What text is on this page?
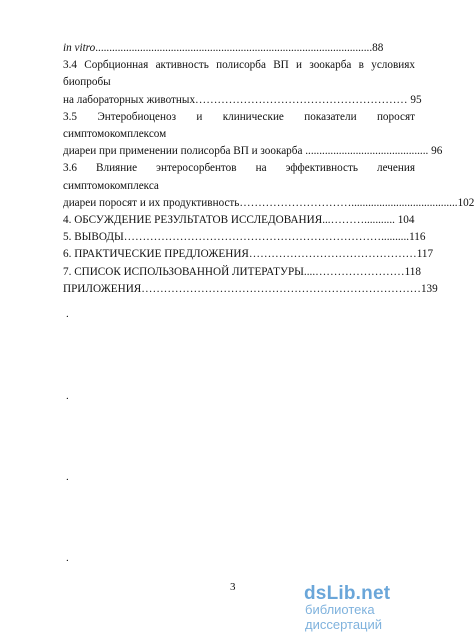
in vitro...................................................................................................88
3.4 Сорбционная активность полисорба ВП и зоокарба в условиях биопробы
на лабораторных животных………………………………………………… 95
3.5 Энтеробиоценоз и клинические показатели поросят симптомокомплексом
диареи при применении полисорба ВП и зоокарба ............................................ 96
3.6 Влияние энтеросорбентов на эффективность лечения симптомокомплекса
диареи поросят и их продуктивность…………………………......................................102
4. ОБСУЖДЕНИЕ РЕЗУЛЬТАТОВ ИССЛЕДОВАНИЯ...………........... 104
5. ВЫВОДЫ……………………………………………………………..........116
6. ПРАКТИЧЕСКИЕ ПРЕДЛОЖЕНИЯ………………………………………117
7. СПИСОК ИСПОЛЬЗОВАННОЙ ЛИТЕРАТУРЫ....……………………118
ПРИЛОЖЕНИЯ…………………………………………………………………139
.
.
.
.
3	dsLib.net
библиотека диссертаций
